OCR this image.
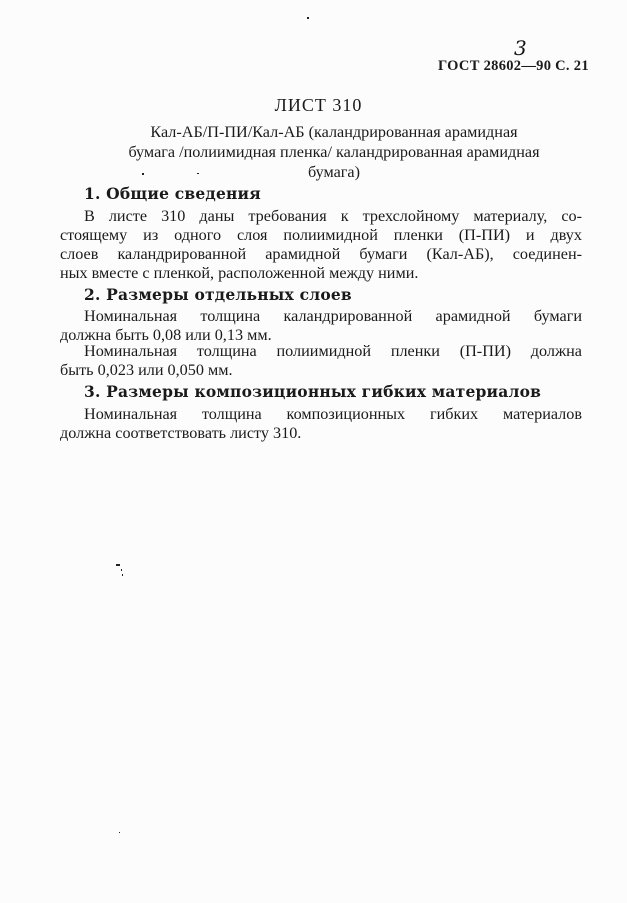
3
ГОСТ 28602—90 С. 21
ЛИСТ 310
Кал-АБ/П-ПИ/Кал-АБ (каландрированная арамидная
бумага /полиимидная пленка/ каландрированная арамидная
бумага)
1. Общие сведения
В листе 310 даны требования к трехслойному материалу, со-
стоящему из одного слоя полиимидной пленки (П-ПИ) и двух
слоев каландрированной арамидной бумаги (Кал-АБ), соединен-
ных вместе с пленкой, расположенной между ними.
2. Размеры отдельных слоев
Номинальная толщина каландрированной арамидной бумаги
должна быть 0,08 или 0,13 мм.
Номинальная толщина полиимидной пленки (П-ПИ) должна
быть 0,023 или 0,050 мм.
3. Размеры композиционных гибких материалов
Номинальная толщина композиционных гибких материалов
должна соответствовать листу 310.
